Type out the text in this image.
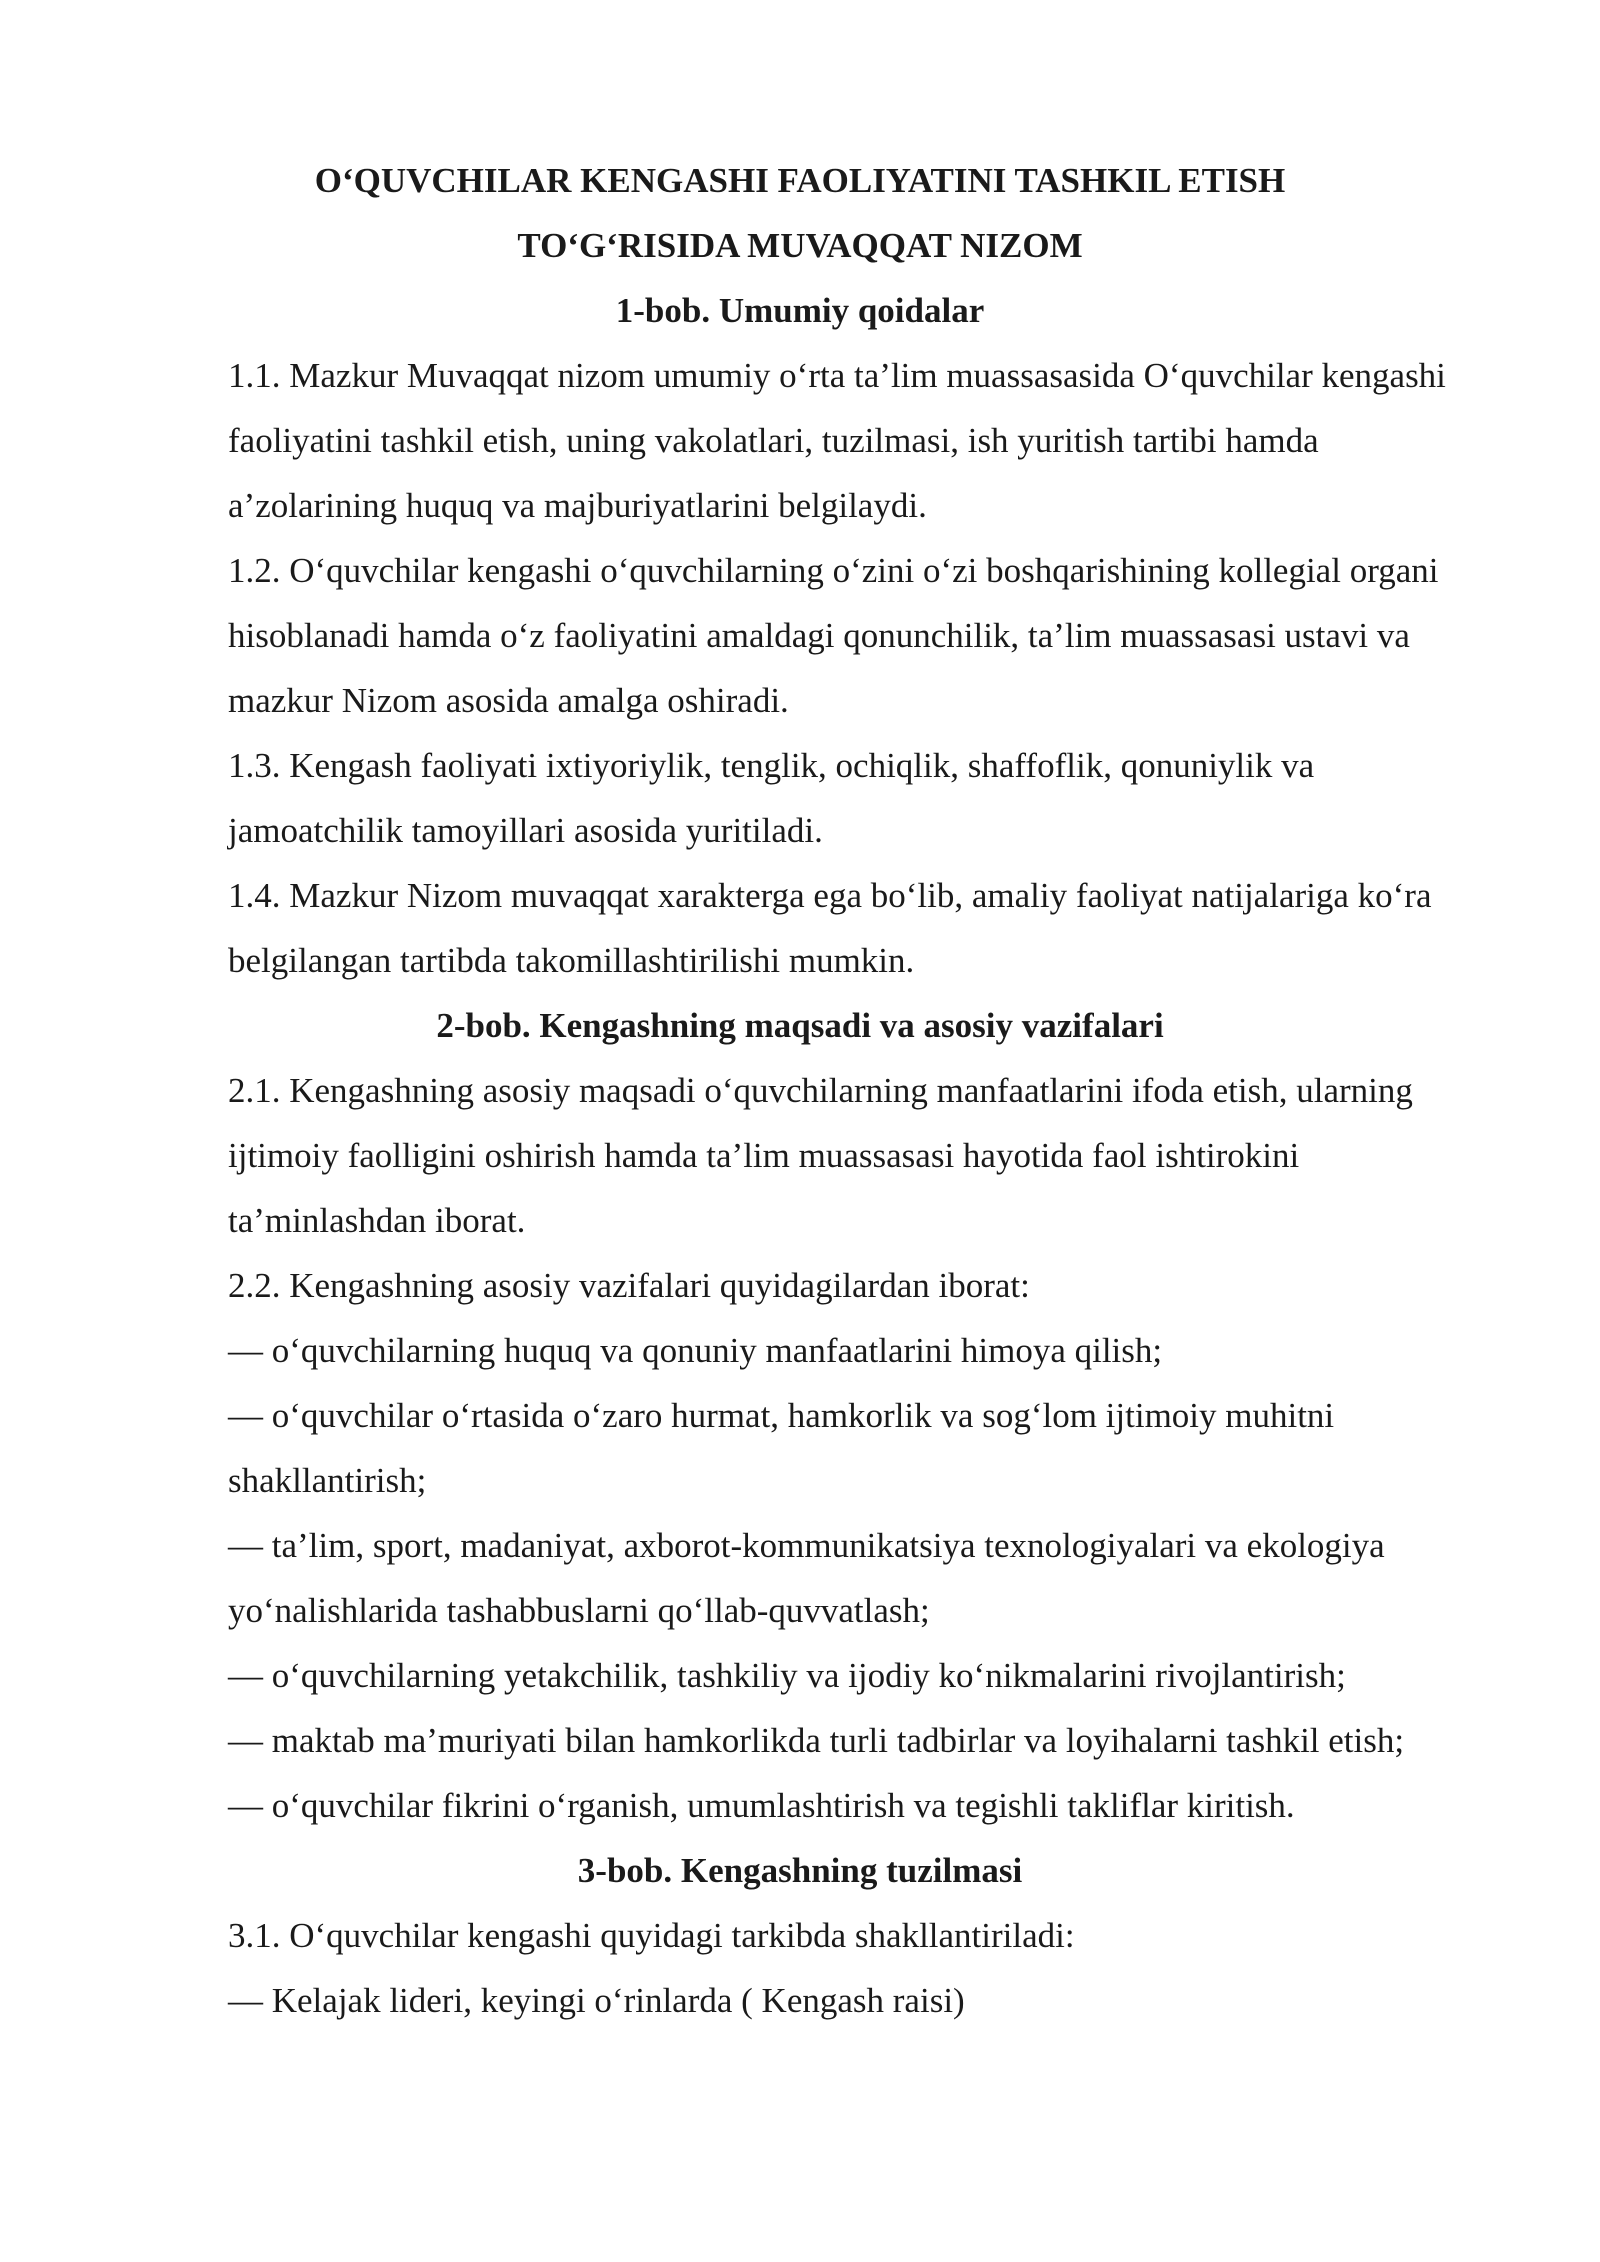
O‘QUVCHILAR KENGASHI FAOLIYATINI TASHKIL ETISH

TO‘G‘RISIDA MUVAQQAT NIZOM

1-bob. Umumiy qoidalar

1.1. Mazkur Muvaqqat nizom umumiy o‘rta ta’lim muassasasida O‘quvchilar kengashi faoliyatini tashkil etish, uning vakolatlari, tuzilmasi, ish yuritish tartibi hamda a’zolarining huquq va majburiyatlarini belgilaydi.

1.2. O‘quvchilar kengashi o‘quvchilarning o‘zini o‘zi boshqarishining kollegial organi hisoblanadi hamda o‘z faoliyatini amaldagi qonunchilik, ta’lim muassasasi ustavi va mazkur Nizom asosida amalga oshiradi.

1.3. Kengash faoliyati ixtiyoriylik, tenglik, ochiqlik, shaffoflik, qonuniylik va jamoatchilik tamoyillari asosida yuritiladi.

1.4. Mazkur Nizom muvaqqat xarakterga ega bo‘lib, amaliy faoliyat natijalariga ko‘ra belgilangan tartibda takomillashtirilishi mumkin.

2-bob. Kengashning maqsadi va asosiy vazifalari

2.1. Kengashning asosiy maqsadi o‘quvchilarning manfaatlarini ifoda etish, ularning ijtimoiy faolligini oshirish hamda ta’lim muassasasi hayotida faol ishtirokini ta’minlashdan iborat.

2.2. Kengashning asosiy vazifalari quyidagilardan iborat:

— o‘quvchilarning huquq va qonuniy manfaatlarini himoya qilish;

— o‘quvchilar o‘rtasida o‘zaro hurmat, hamkorlik va sog‘lom ijtimoiy muhitni shakllantirish;

— ta’lim, sport, madaniyat, axborot-kommunikatsiya texnologiyalari va ekologiya yo‘nalishlarida tashabbuslarni qo‘llab-quvvatlash;

— o‘quvchilarning yetakchilik, tashkiliy va ijodiy ko‘nikmalarini rivojlantirish;

— maktab ma’muriyati bilan hamkorlikda turli tadbirlar va loyihalarni tashkil etish;

— o‘quvchilar fikrini o‘rganish, umumlashtirish va tegishli takliflar kiritish.

3-bob. Kengashning tuzilmasi

3.1. O‘quvchilar kengashi quyidagi tarkibda shakllantiriladi:

— Kelajak lideri, keyingi o‘rinlarda ( Kengash raisi)
